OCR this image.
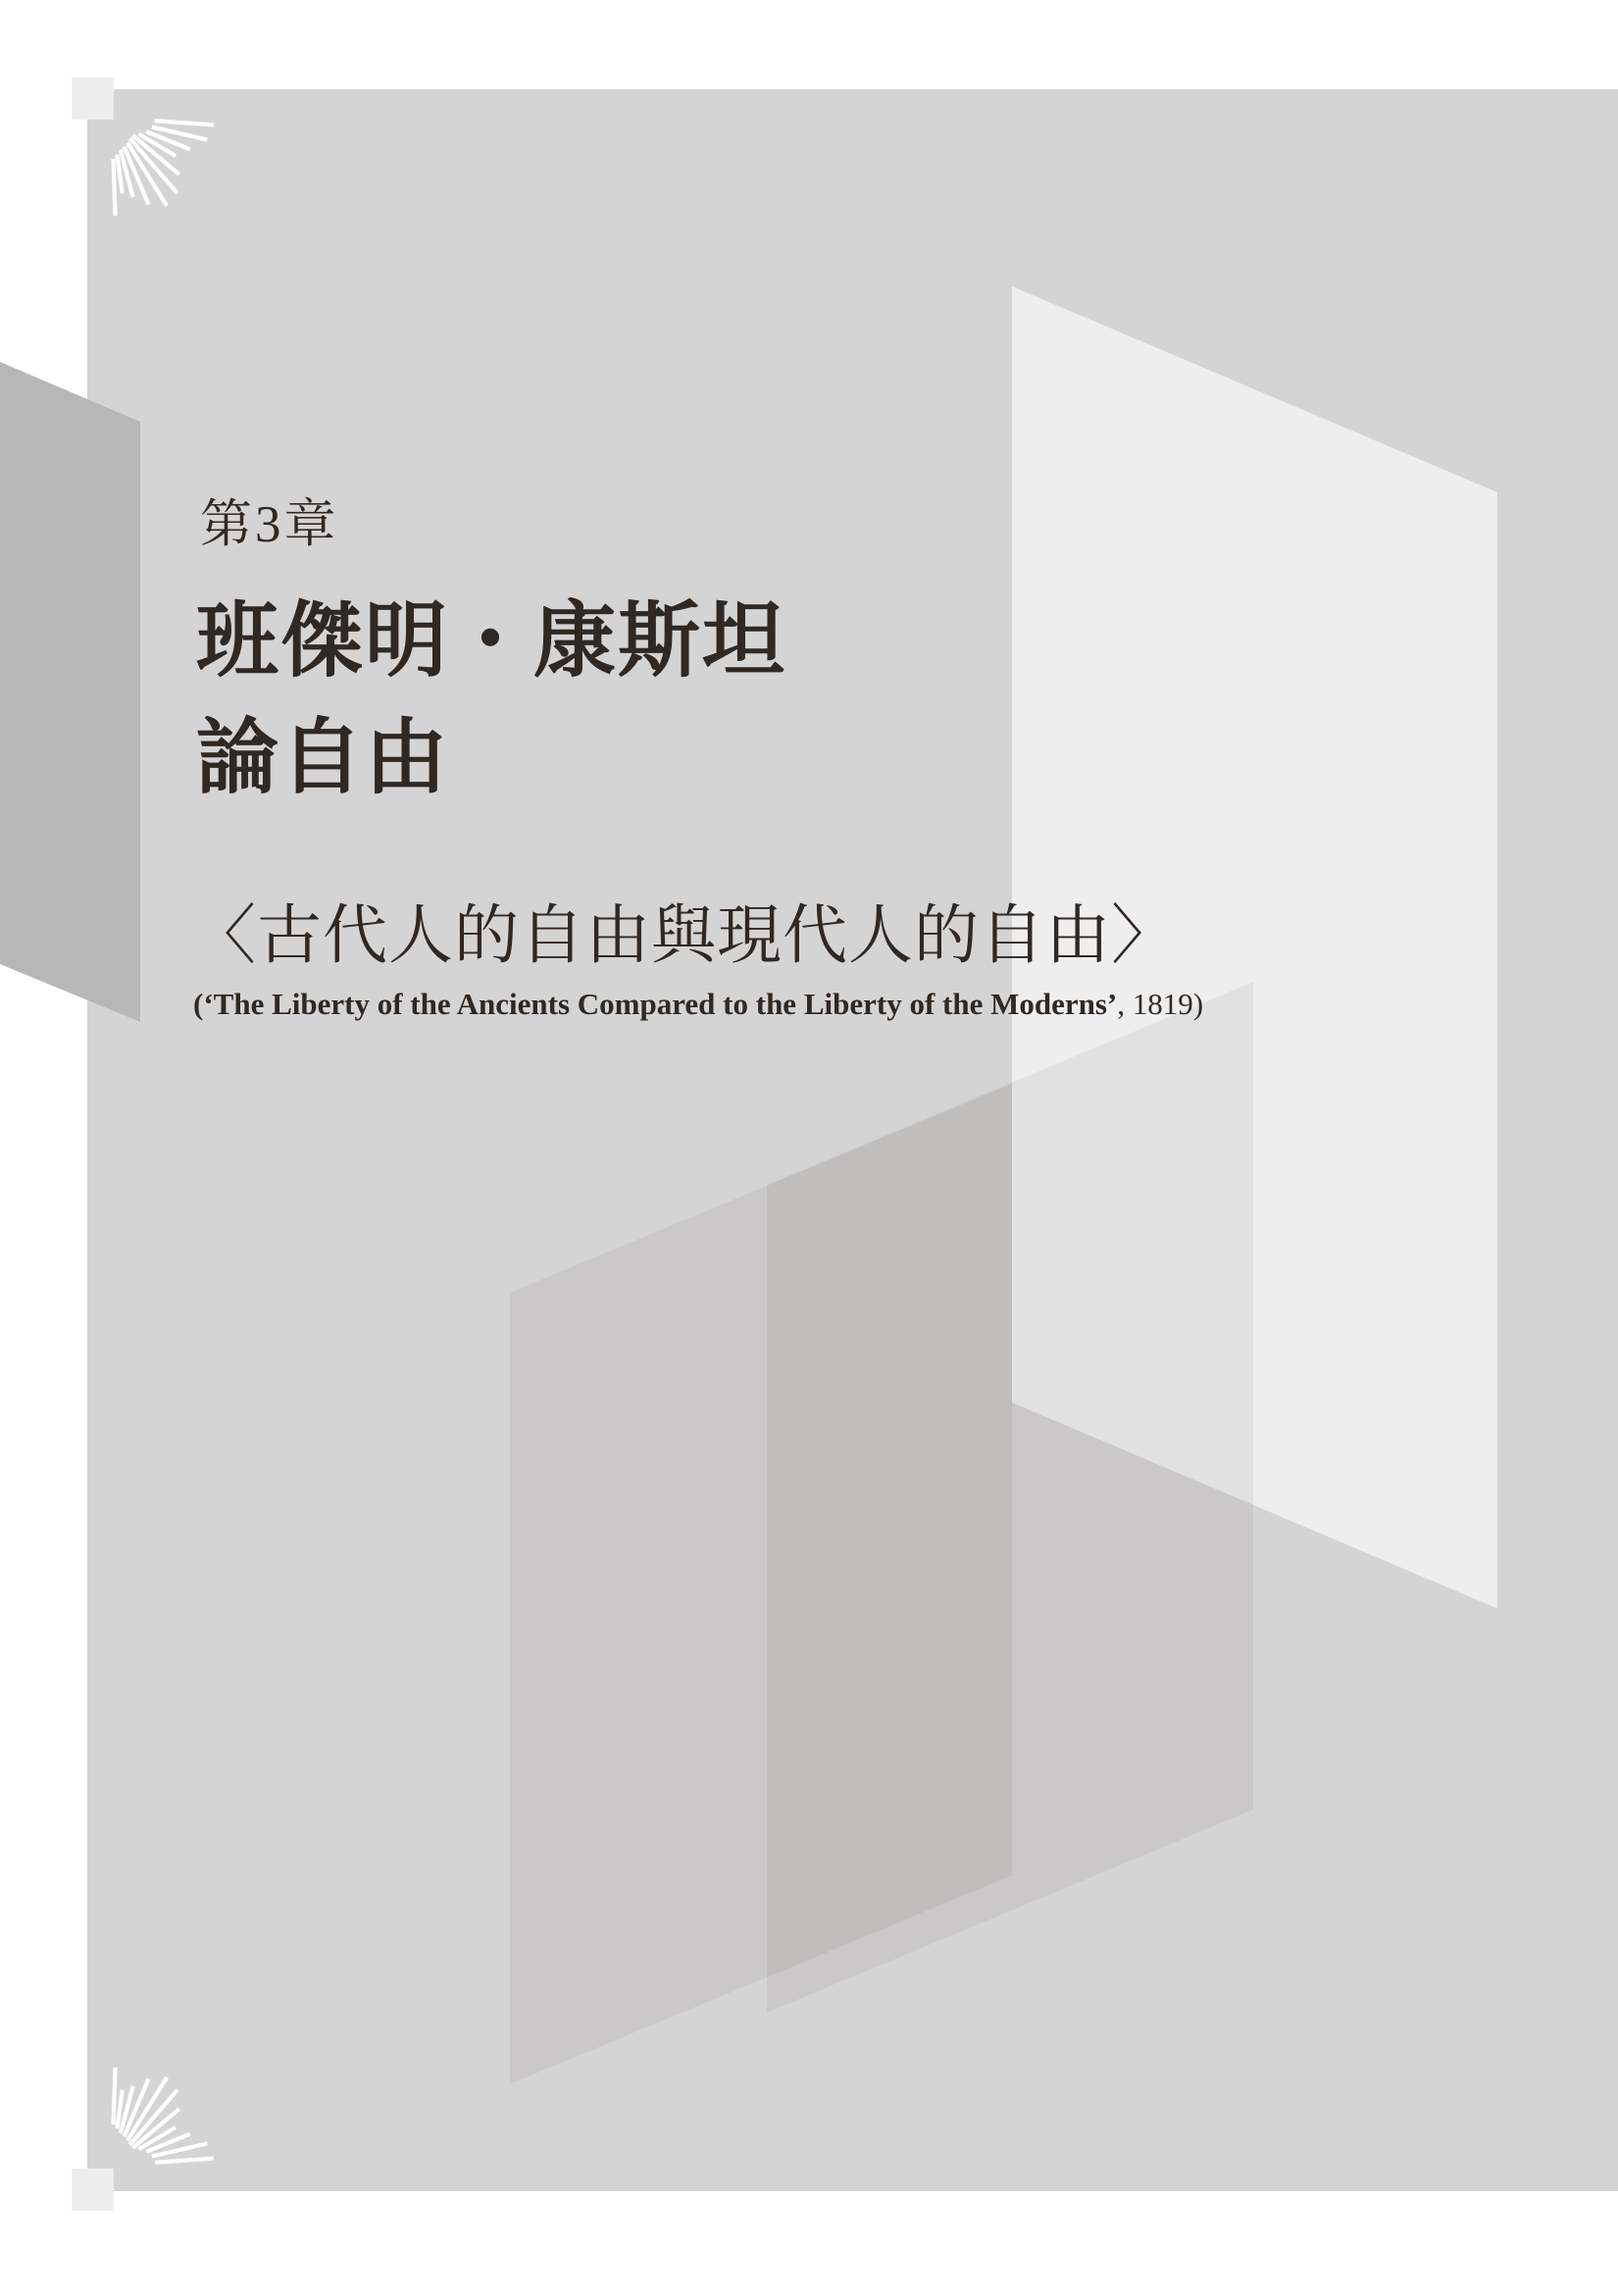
第3章
班傑明・康斯坦
論自由
〈古代人的自由與現代人的自由〉
(‘The Liberty of the Ancients Compared to the Liberty of the Moderns’, 1819)
